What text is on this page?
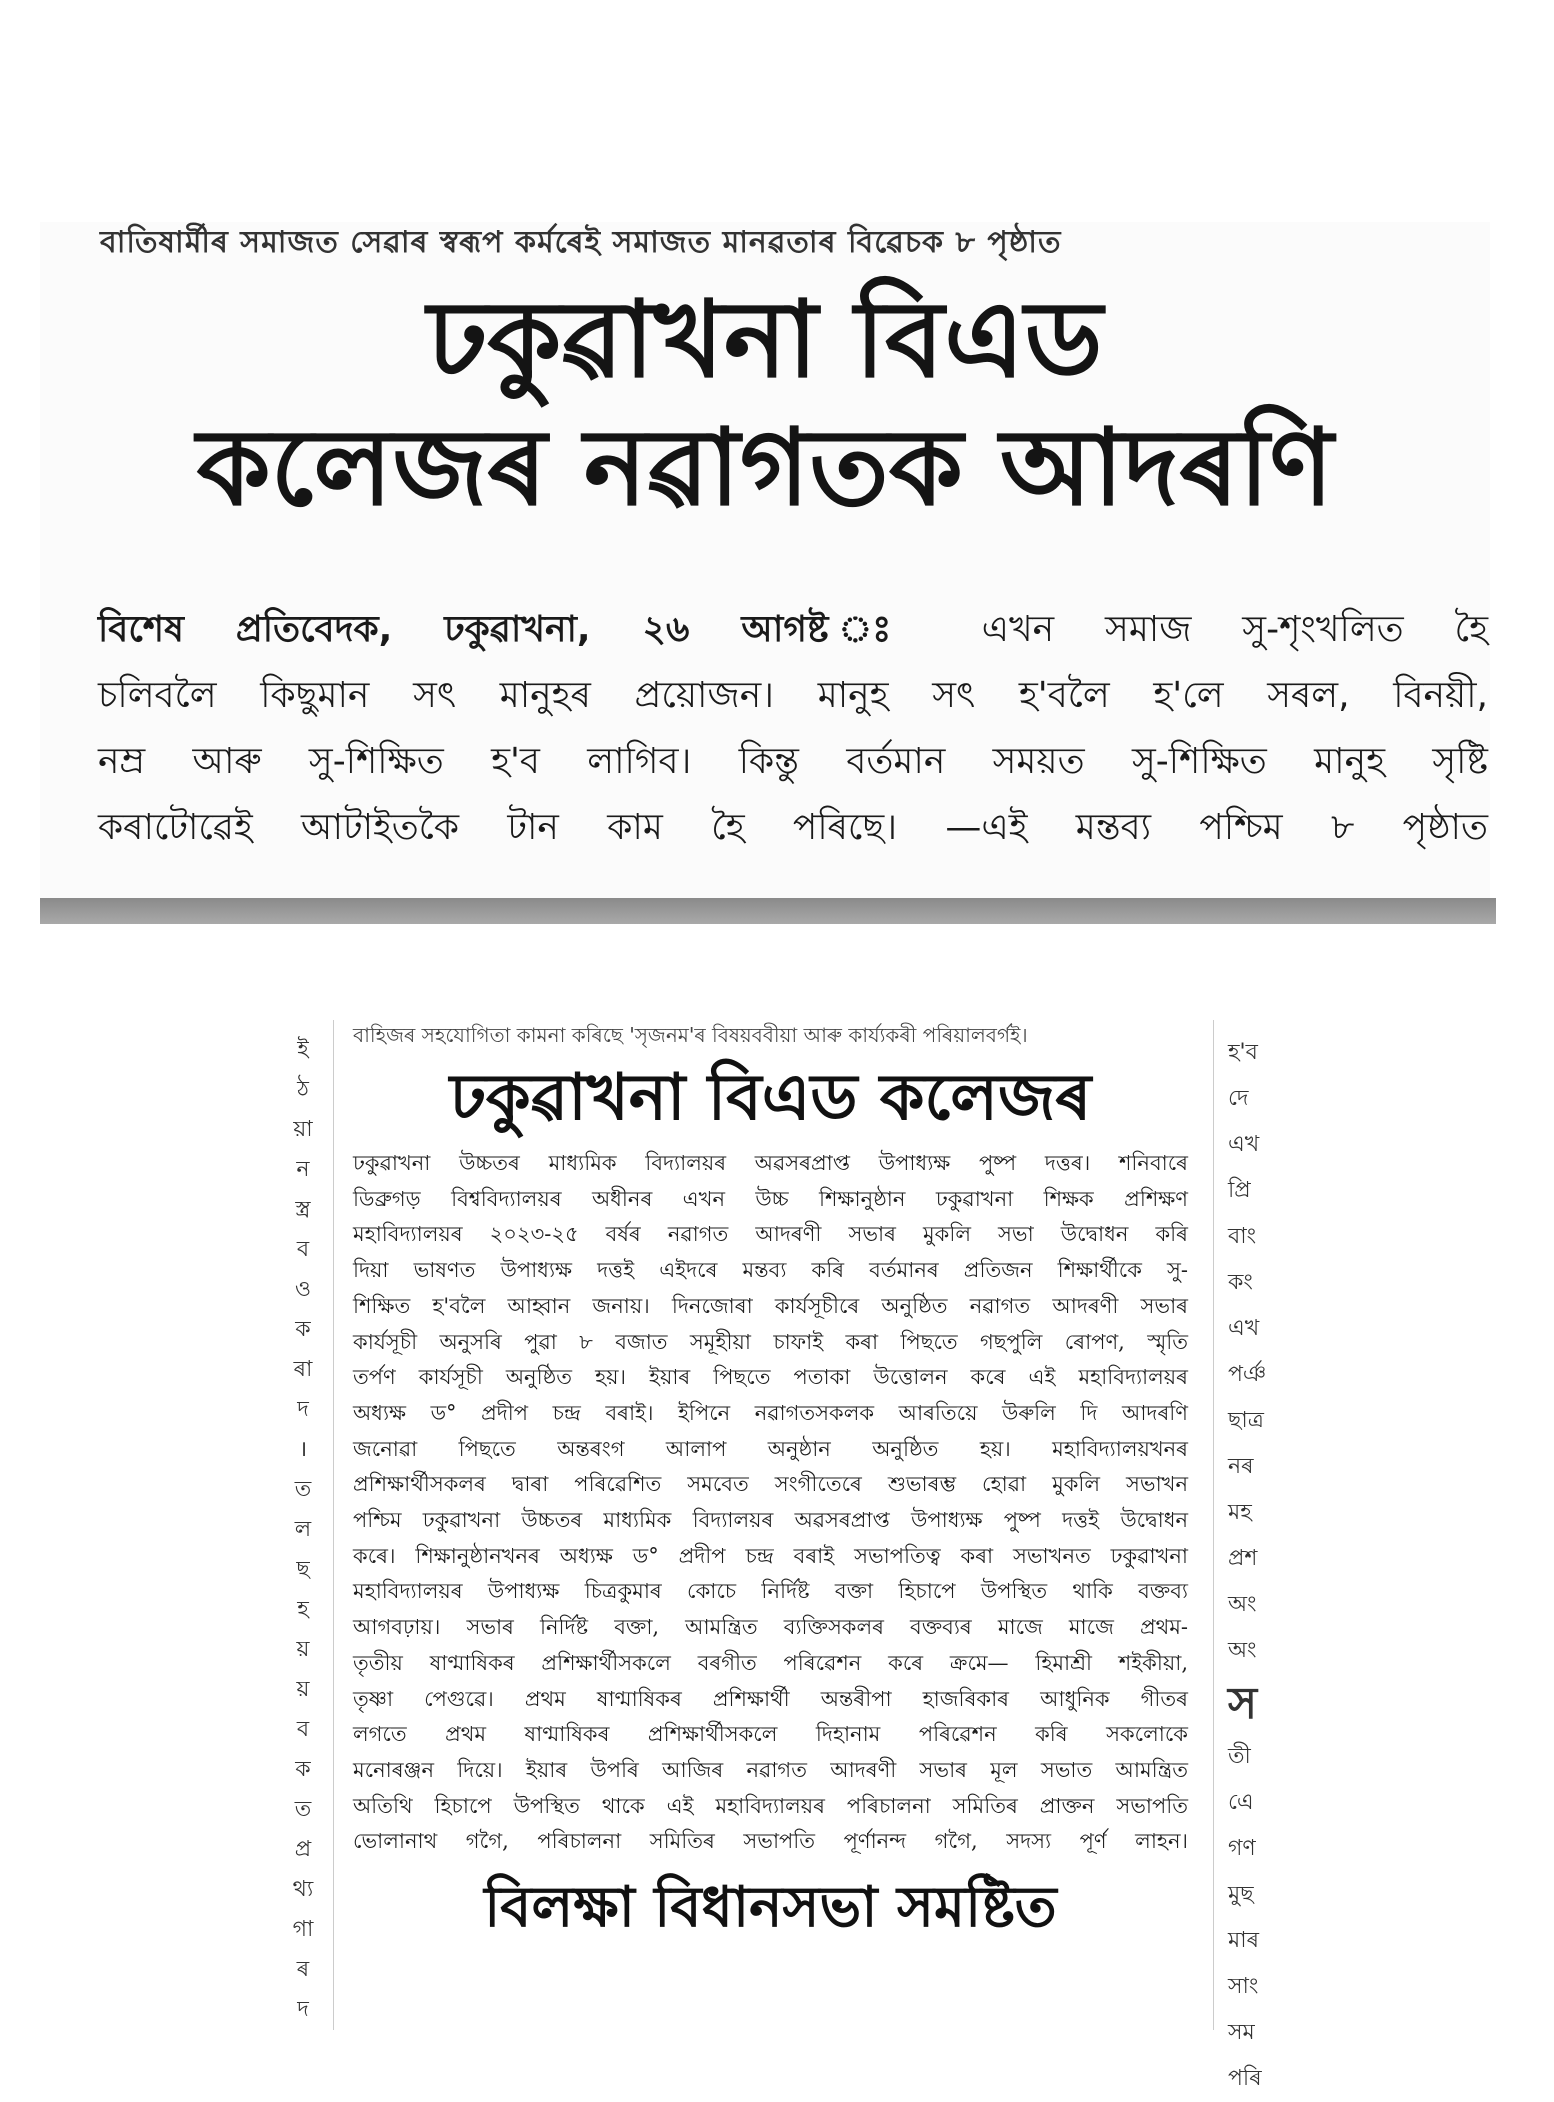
বাতিষাৰ্মীৰ সমাজত সেৱাৰ স্বৰূপ কৰ্মৰেই সমাজত মানৱতাৰ বিৱেচক ৮ পৃষ্ঠাত
ঢকুৱাখনা বিএড
কলেজৰ নৱাগতক আদৰণি
বিশেষ প্ৰতিবেদক, ঢকুৱাখনা, ২৬ আগষ্ট ঃ এখন সমাজ সু-শৃংখলিত হৈ
চলিবলৈ কিছুমান সৎ মানুহৰ প্ৰয়োজন। মানুহ সৎ হ'বলৈ হ'লে সৰল, বিনয়ী,
নম্ৰ আৰু সু-শিক্ষিত হ'ব লাগিব। কিন্তু বৰ্তমান সময়ত সু-শিক্ষিত মানুহ সৃষ্টি
কৰাটোৱেই আটাইতকৈ টান কাম হৈ পৰিছে। —এই মন্তব্য পশ্চিম ৮ পৃষ্ঠাত
ই
ঠ
য়া
ন
স্ত্ৰ
ব
ও
ক
ৰা
দ
।
ত
ল
ছ
হ
য়
য়
ব
ক
ত
প্ৰ
থ্য
গা
ৰ
দ
বাহিজৰ সহযোগিতা কামনা কৰিছে 'সৃজনম'ৰ বিষয়ববীয়া আৰু কাৰ্য্যকৰী পৰিয়ালবৰ্গই।
ঢকুৱাখনা বিএড কলেজৰ
ঢকুৱাখনা উচ্চতৰ মাধ্যমিক বিদ্যালয়ৰ অৱসৰপ্ৰাপ্ত উপাধ্যক্ষ পুষ্প দত্তৰ। শনিবাৰে
ডিব্ৰুগড় বিশ্ববিদ্যালয়ৰ অধীনৰ এখন উচ্চ শিক্ষানুষ্ঠান ঢকুৱাখনা শিক্ষক প্ৰশিক্ষণ
মহাবিদ্যালয়ৰ ২০২৩-২৫ বৰ্ষৰ নৱাগত আদৰণী সভাৰ মুকলি সভা উদ্বোধন কৰি
দিয়া ভাষণত উপাধ্যক্ষ দত্তই এইদৰে মন্তব্য কৰি বৰ্তমানৰ প্ৰতিজন শিক্ষাৰ্থীকে সু-
শিক্ষিত হ'বলৈ আহ্বান জনায়। দিনজোৰা কাৰ্যসূচীৰে অনুষ্ঠিত নৱাগত আদৰণী সভাৰ
কাৰ্যসূচী অনুসৰি পুৱা ৮ বজাত সমূহীয়া চাফাই কৰা পিছতে গছপুলি ৰোপণ, স্মৃতি
তৰ্পণ কাৰ্যসূচী অনুষ্ঠিত হয়। ইয়াৰ পিছতে পতাকা উত্তোলন কৰে এই মহাবিদ্যালয়ৰ
অধ্যক্ষ ড° প্ৰদীপ চন্দ্ৰ বৰাই। ইপিনে নৱাগতসকলক আৰতিয়ে উৰুলি দি আদৰণি
জনোৱা পিছতে অন্তৰংগ আলাপ অনুষ্ঠান অনুষ্ঠিত হয়। মহাবিদ্যালয়খনৰ
প্ৰশিক্ষাৰ্থীসকলৰ দ্বাৰা পৰিৱেশিত সমবেত সংগীতেৰে শুভাৰম্ভ হোৱা মুকলি সভাখন
পশ্চিম ঢকুৱাখনা উচ্চতৰ মাধ্যমিক বিদ্যালয়ৰ অৱসৰপ্ৰাপ্ত উপাধ্যক্ষ পুষ্প দত্তই উদ্বোধন
কৰে। শিক্ষানুষ্ঠানখনৰ অধ্যক্ষ ড° প্ৰদীপ চন্দ্ৰ বৰাই সভাপতিত্ব কৰা সভাখনত ঢকুৱাখনা
মহাবিদ্যালয়ৰ উপাধ্যক্ষ চিত্ৰকুমাৰ কোচে নিৰ্দিষ্ট বক্তা হিচাপে উপস্থিত থাকি বক্তব্য
আগবঢ়ায়। সভাৰ নিৰ্দিষ্ট বক্তা, আমন্ত্ৰিত ব্যক্তিসকলৰ বক্তব্যৰ মাজে মাজে প্ৰথম-
তৃতীয় ষাণ্মাষিকৰ প্ৰশিক্ষাৰ্থীসকলে বৰগীত পৰিৱেশন কৰে ক্ৰমে— হিমাশ্ৰী শইকীয়া,
তৃষ্ণা পেগুৱে। প্ৰথম ষাণ্মাষিকৰ প্ৰশিক্ষাৰ্থী অন্তৰীপা হাজৰিকাৰ আধুনিক গীতৰ
লগতে প্ৰথম ষাণ্মাষিকৰ প্ৰশিক্ষাৰ্থীসকলে দিহানাম পৰিৱেশন কৰি সকলোকে
মনোৰঞ্জন দিয়ে। ইয়াৰ উপৰি আজিৰ নৱাগত আদৰণী সভাৰ মূল সভাত আমন্ত্ৰিত
অতিথি হিচাপে উপস্থিত থাকে এই মহাবিদ্যালয়ৰ পৰিচালনা সমিতিৰ প্ৰাক্তন সভাপতি
ভোলানাথ গগৈ, পৰিচালনা সমিতিৰ সভাপতি পূৰ্ণানন্দ গগৈ, সদস্য পূৰ্ণ লাহন।
বিলক্ষা বিধানসভা সমষ্টিত
হ'ব
দে
এখ
প্ৰি
বাং
কং
এখ
পৰ্ঞ
ছাত্ৰ
নৰ
মহ
প্ৰশ
অং
অং
স
তী
এে
গণ
মুছ
মাৰ
সাং
সম
পৰি
